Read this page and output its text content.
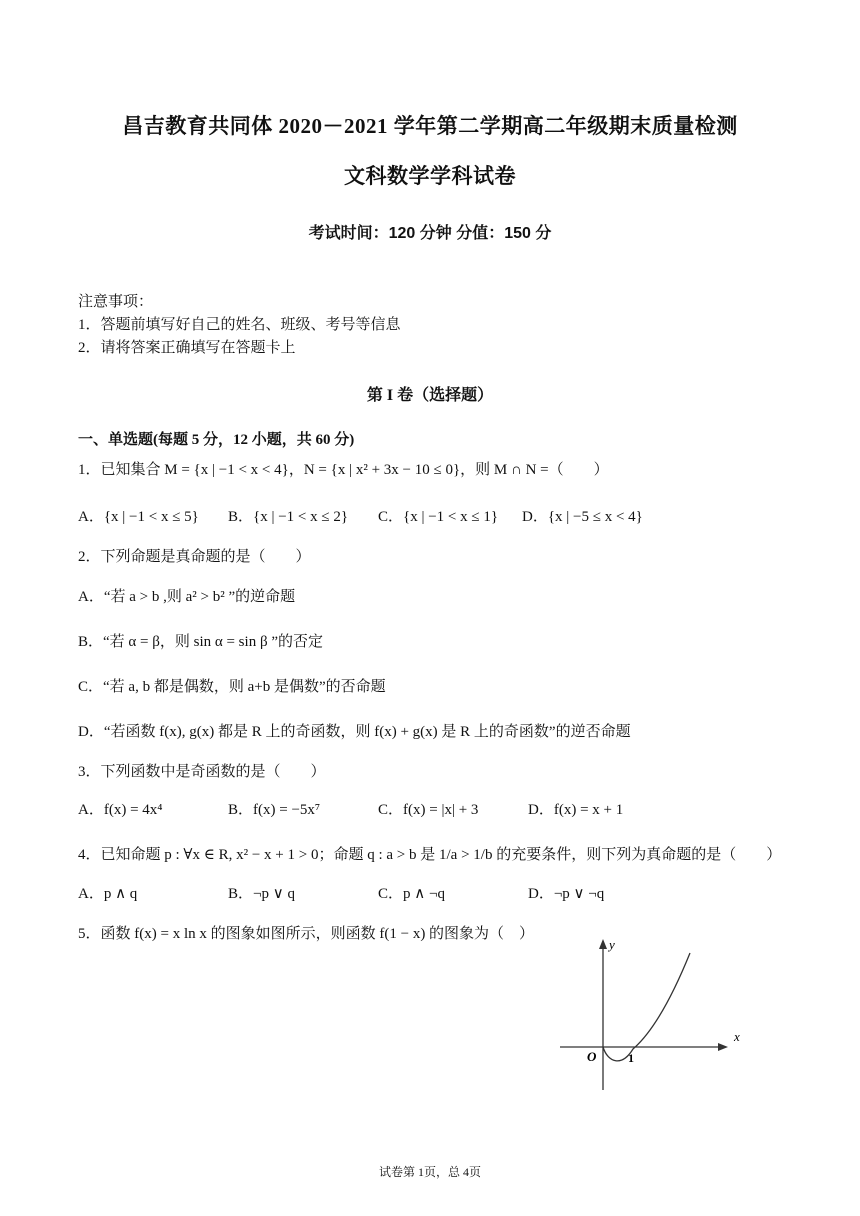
昌吉教育共同体 2020－2021 学年第二学期高二年级期末质量检测
文科数学学科试卷
考试时间：120 分钟 分值：150 分
注意事项：
1．答题前填写好自己的姓名、班级、考号等信息
2．请将答案正确填写在答题卡上
第 I 卷（选择题）
一、单选题(每题 5 分，12 小题，共 60 分)
1．已知集合 M = {x | −1 < x < 4}，N = {x | x² + 3x − 10 ≤ 0}，则 M ∩ N =（　　）
A．{x | −1 < x ≤ 5} B．{x | −1 < x ≤ 2} C．{x | −1 < x ≤ 1} D．{x | −5 ≤ x < 4}
2．下列命题是真命题的是（　　）
A．“若 a > b ,则 a² > b² ”的逆命题
B．“若 α = β，则 sin α = sin β ”的否定
C．“若 a, b 都是偶数，则 a+b 是偶数”的否命题
D．“若函数 f(x), g(x) 都是 R 上的奇函数，则 f(x) + g(x) 是 R 上的奇函数”的逆否命题
3．下列函数中是奇函数的是（　　）
A．f(x) = 4x⁴	B．f(x) = −5x⁷	C．f(x) = |x| + 3	D．f(x) = x + 1
4．已知命题 p : ∀x ∈ R, x² − x + 1 > 0；命题 q : a > b 是 1/a > 1/b 的充要条件，则下列为真命题的是（　　）
A．p ∧ q	B．¬p ∨ q	C．p ∧ ¬q	D．¬p ∨ ¬q
5．函数 f(x) = x ln x 的图象如图所示，则函数 f(1 − x) 的图象为（　）
x
y
O	1
试卷第 1页，总 4页
